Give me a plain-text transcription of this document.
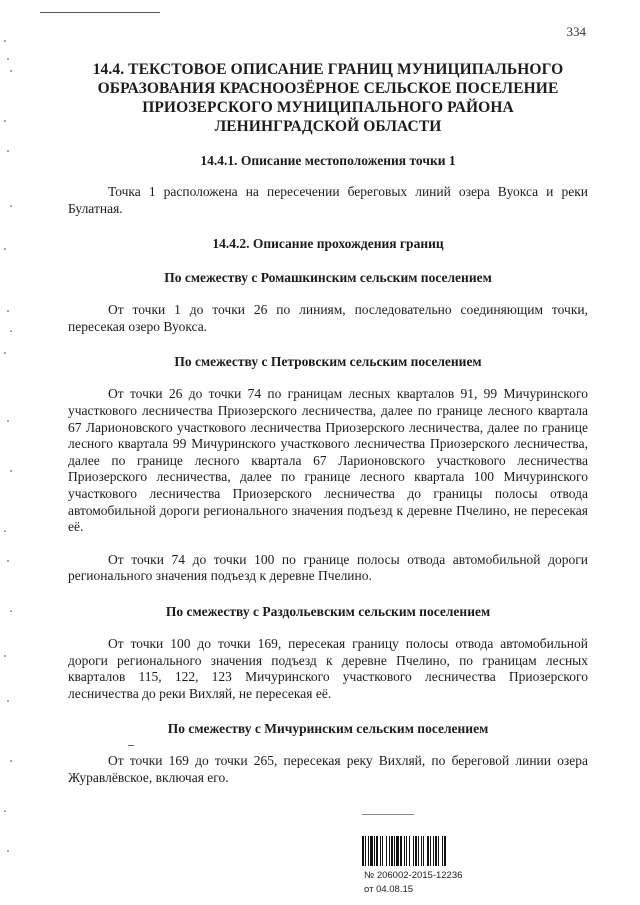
334
14.4. ТЕКСТОВОЕ ОПИСАНИЕ ГРАНИЦ МУНИЦИПАЛЬНОГО
ОБРАЗОВАНИЯ КРАСНООЗЁРНОЕ СЕЛЬСКОЕ ПОСЕЛЕНИЕ
ПРИОЗЕРСКОГО МУНИЦИПАЛЬНОГО РАЙОНА
ЛЕНИНГРАДСКОЙ ОБЛАСТИ
14.4.1. Описание местоположения точки 1

Точка 1 расположена на пересечении береговых линий озера Вуокса и реки Булатная.

14.4.2. Описание прохождения границ
По смежеству с Ромашкинским сельским поселением

От точки 1 до точки 26 по линиям, последовательно соединяющим точки, пересекая озеро Вуокса.

По смежеству с Петровским сельским поселением

От точки 26 до точки 74 по границам лесных кварталов 91, 99 Мичуринского участкового лесничества Приозерского лесничества, далее по границе лесного квартала 67 Ларионовского участкового лесничества Приозерского лесничества, далее по границе лесного квартала 99 Мичуринского участкового лесничества Приозерского лесничества, далее по границе лесного квартала 67 Ларионовского участкового лесничества Приозерского лесничества, далее по границе лесного квартала 100 Мичуринского участкового лесничества Приозерского лесничества до границы полосы отвода автомобильной дороги регионального значения подъезд к деревне Пчелино, не пересекая её.

От точки 74 до точки 100 по границе полосы отвода автомобильной дороги регионального значения подъезд к деревне Пчелино.

По смежеству с Раздольевским сельским поселением

От точки 100 до точки 169, пересекая границу полосы отвода автомобильной дороги регионального значения подъезд к деревне Пчелино, по границам лесных кварталов 115, 122, 123 Мичуринского участкового лесничества Приозерского лесничества до реки Вихляй, не пересекая её.

По смежеству с Мичуринским сельским поселением

От точки 169 до точки 265, пересекая реку Вихляй, по береговой линии озера Журавлёвское, включая его.

№ 206002-2015-12236
от 04.08.15
